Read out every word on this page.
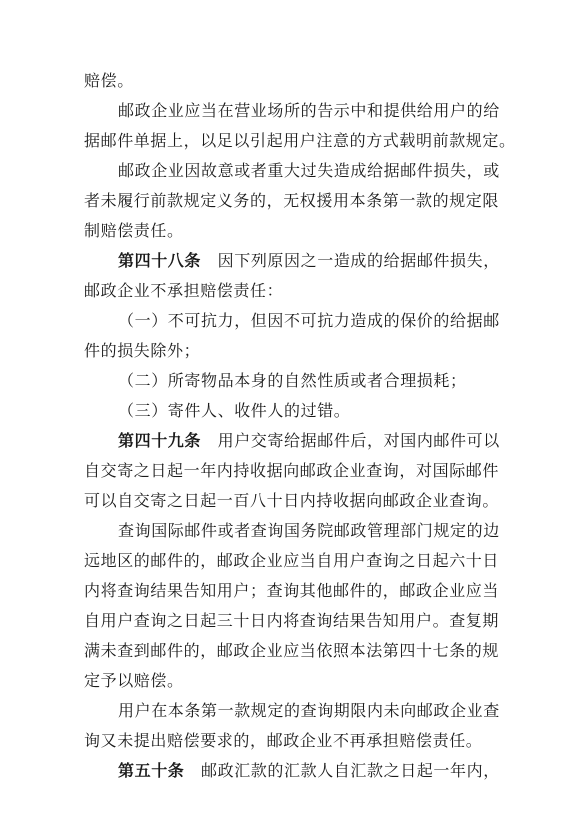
赔偿。
邮政企业应当在营业场所的告示中和提供给用户的给
据邮件单据上，以足以引起用户注意的方式载明前款规定。
邮政企业因故意或者重大过失造成给据邮件损失，或
者未履行前款规定义务的，无权援用本条第一款的规定限
制赔偿责任。
第四十八条　因下列原因之一造成的给据邮件损失，
邮政企业不承担赔偿责任：
（一）不可抗力，但因不可抗力造成的保价的给据邮
件的损失除外；
（二）所寄物品本身的自然性质或者合理损耗；
（三）寄件人、收件人的过错。
第四十九条　用户交寄给据邮件后，对国内邮件可以
自交寄之日起一年内持收据向邮政企业查询，对国际邮件
可以自交寄之日起一百八十日内持收据向邮政企业查询。
查询国际邮件或者查询国务院邮政管理部门规定的边
远地区的邮件的，邮政企业应当自用户查询之日起六十日
内将查询结果告知用户；查询其他邮件的，邮政企业应当
自用户查询之日起三十日内将查询结果告知用户。查复期
满未查到邮件的，邮政企业应当依照本法第四十七条的规
定予以赔偿。
用户在本条第一款规定的查询期限内未向邮政企业查
询又未提出赔偿要求的，邮政企业不再承担赔偿责任。
第五十条　邮政汇款的汇款人自汇款之日起一年内，
